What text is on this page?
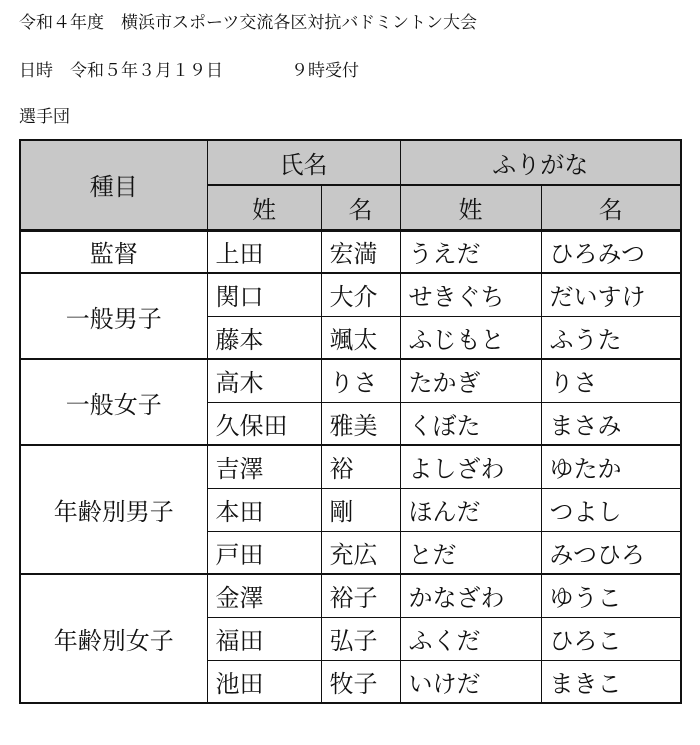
令和４年度　横浜市スポーツ交流各区対抗バドミントン大会
日時　令和５年３月１９日　　　　９時受付
選手団
種目	氏名		ふりがな	
	姓	名	姓	名
監督	上田	宏満	うえだ	ひろみつ
一般男子	関口	大介	せきぐち	だいすけ
	藤本	颯太	ふじもと	ふうた
一般女子	高木	りさ	たかぎ	りさ
	久保田	雅美	くぼた	まさみ
年齢別男子	吉澤	裕	よしざわ	ゆたか
	本田	剛	ほんだ	つよし
	戸田	充広	とだ	みつひろ
年齢別女子	金澤	裕子	かなざわ	ゆうこ
	福田	弘子	ふくだ	ひろこ
	池田	牧子	いけだ	まきこ
